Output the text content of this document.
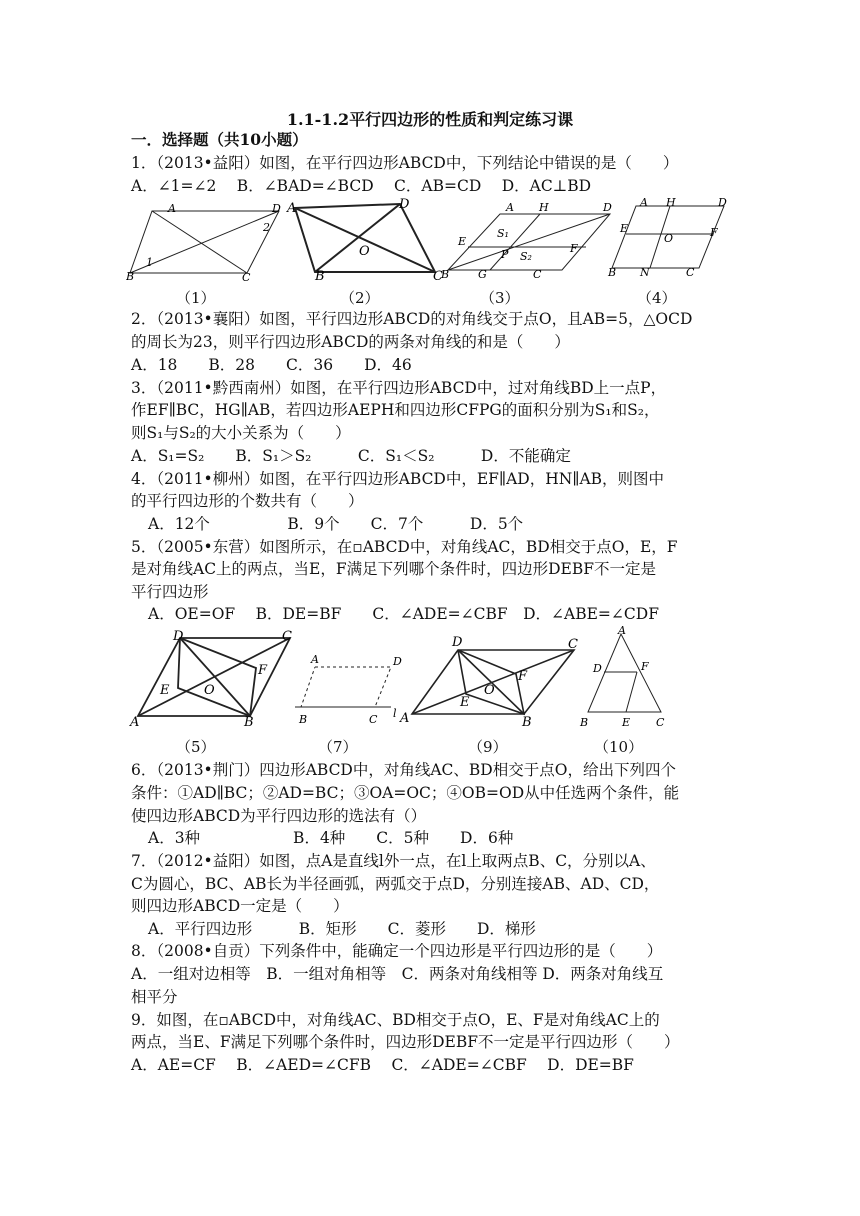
1.1-1.2平行四边形的性质和判定练习课
一．选择题（共10小题）
1．（2013•益阳）如图，在平行四边形ABCD中，下列结论中错误的是（　　）
A．∠1=∠2　 B．∠BAD=∠BCD　 C．AB=CD　 D．AC⊥BD
A	D
2
B
1
C
（1）
A	D
O
B	C
（2）
A H	D
S₁
E
P S₂
F
B	G	C
（3）
A H	D
E
O	F
B N	C
（4）
2．（2013•襄阳）如图，平行四边形ABCD的对角线交于点O，且AB=5，△OCD
的周长为23，则平行四边形ABCD的两条对角线的和是（　　）
A．18　　B．28　　C．36　　D．46
3．（2011•黔西南州）如图，在平行四边形ABCD中，过对角线BD上一点P，
作EF∥BC，HG∥AB，若四边形AEPH和四边形CFPG的面积分别为S₁和S₂，
则S₁与S₂的大小关系为（　　）
A．S₁=S₂　　B．S₁＞S₂　　　C．S₁＜S₂　　　D．不能确定
4．（2011•柳州）如图，在平行四边形ABCD中，EF∥AD，HN∥AB，则图中
的平行四边形的个数共有（　　）
A．12个　　　　　B．9个　　C．7个　　　D．5个
5．（2005•东营）如图所示，在▫ABCD中，对角线AC，BD相交于点O，E，F
是对角线AC上的两点，当E，F满足下列哪个条件时，四边形DEBF不一定是
平行四边形
A．OE=OF　 B．DE=BF　　C．∠ADE=∠CBF　D．∠ABE=∠CDF
D	C
E	O
F
A	B
（5）
A	D
B	C l
（7）
D	C
E
O
F
A	B
（9）
A
D	F
B	E C
（10）
6．（2013•荆门）四边形ABCD中，对角线AC、BD相交于点O，给出下列四个
条件：①AD∥BC；②AD=BC；③OA=OC；④OB=OD从中任选两个条件，能
使四边形ABCD为平行四边形的选法有（）
A．3种　　　　　　B．4种　　C．5种　　D．6种
7．（2012•益阳）如图，点A是直线l外一点，在l上取两点B、C，分别以A、
C为圆心，BC、AB长为半径画弧，两弧交于点D，分别连接AB、AD、CD，
则四边形ABCD一定是（　　）
A．平行四边形　　　B．矩形　　C．菱形　　D．梯形
8．（2008•自贡）下列条件中，能确定一个四边形是平行四边形的是（　　）
A．一组对边相等　B．一组对角相等　C．两条对角线相等 D．两条对角线互
相平分
9．如图，在▫ABCD中，对角线AC、BD相交于点O，E、F是对角线AC上的
两点，当E、F满足下列哪个条件时，四边形DEBF不一定是平行四边形（　　）
A．AE=CF　 B．∠AED=∠CFB　 C．∠ADE=∠CBF　 D．DE=BF
